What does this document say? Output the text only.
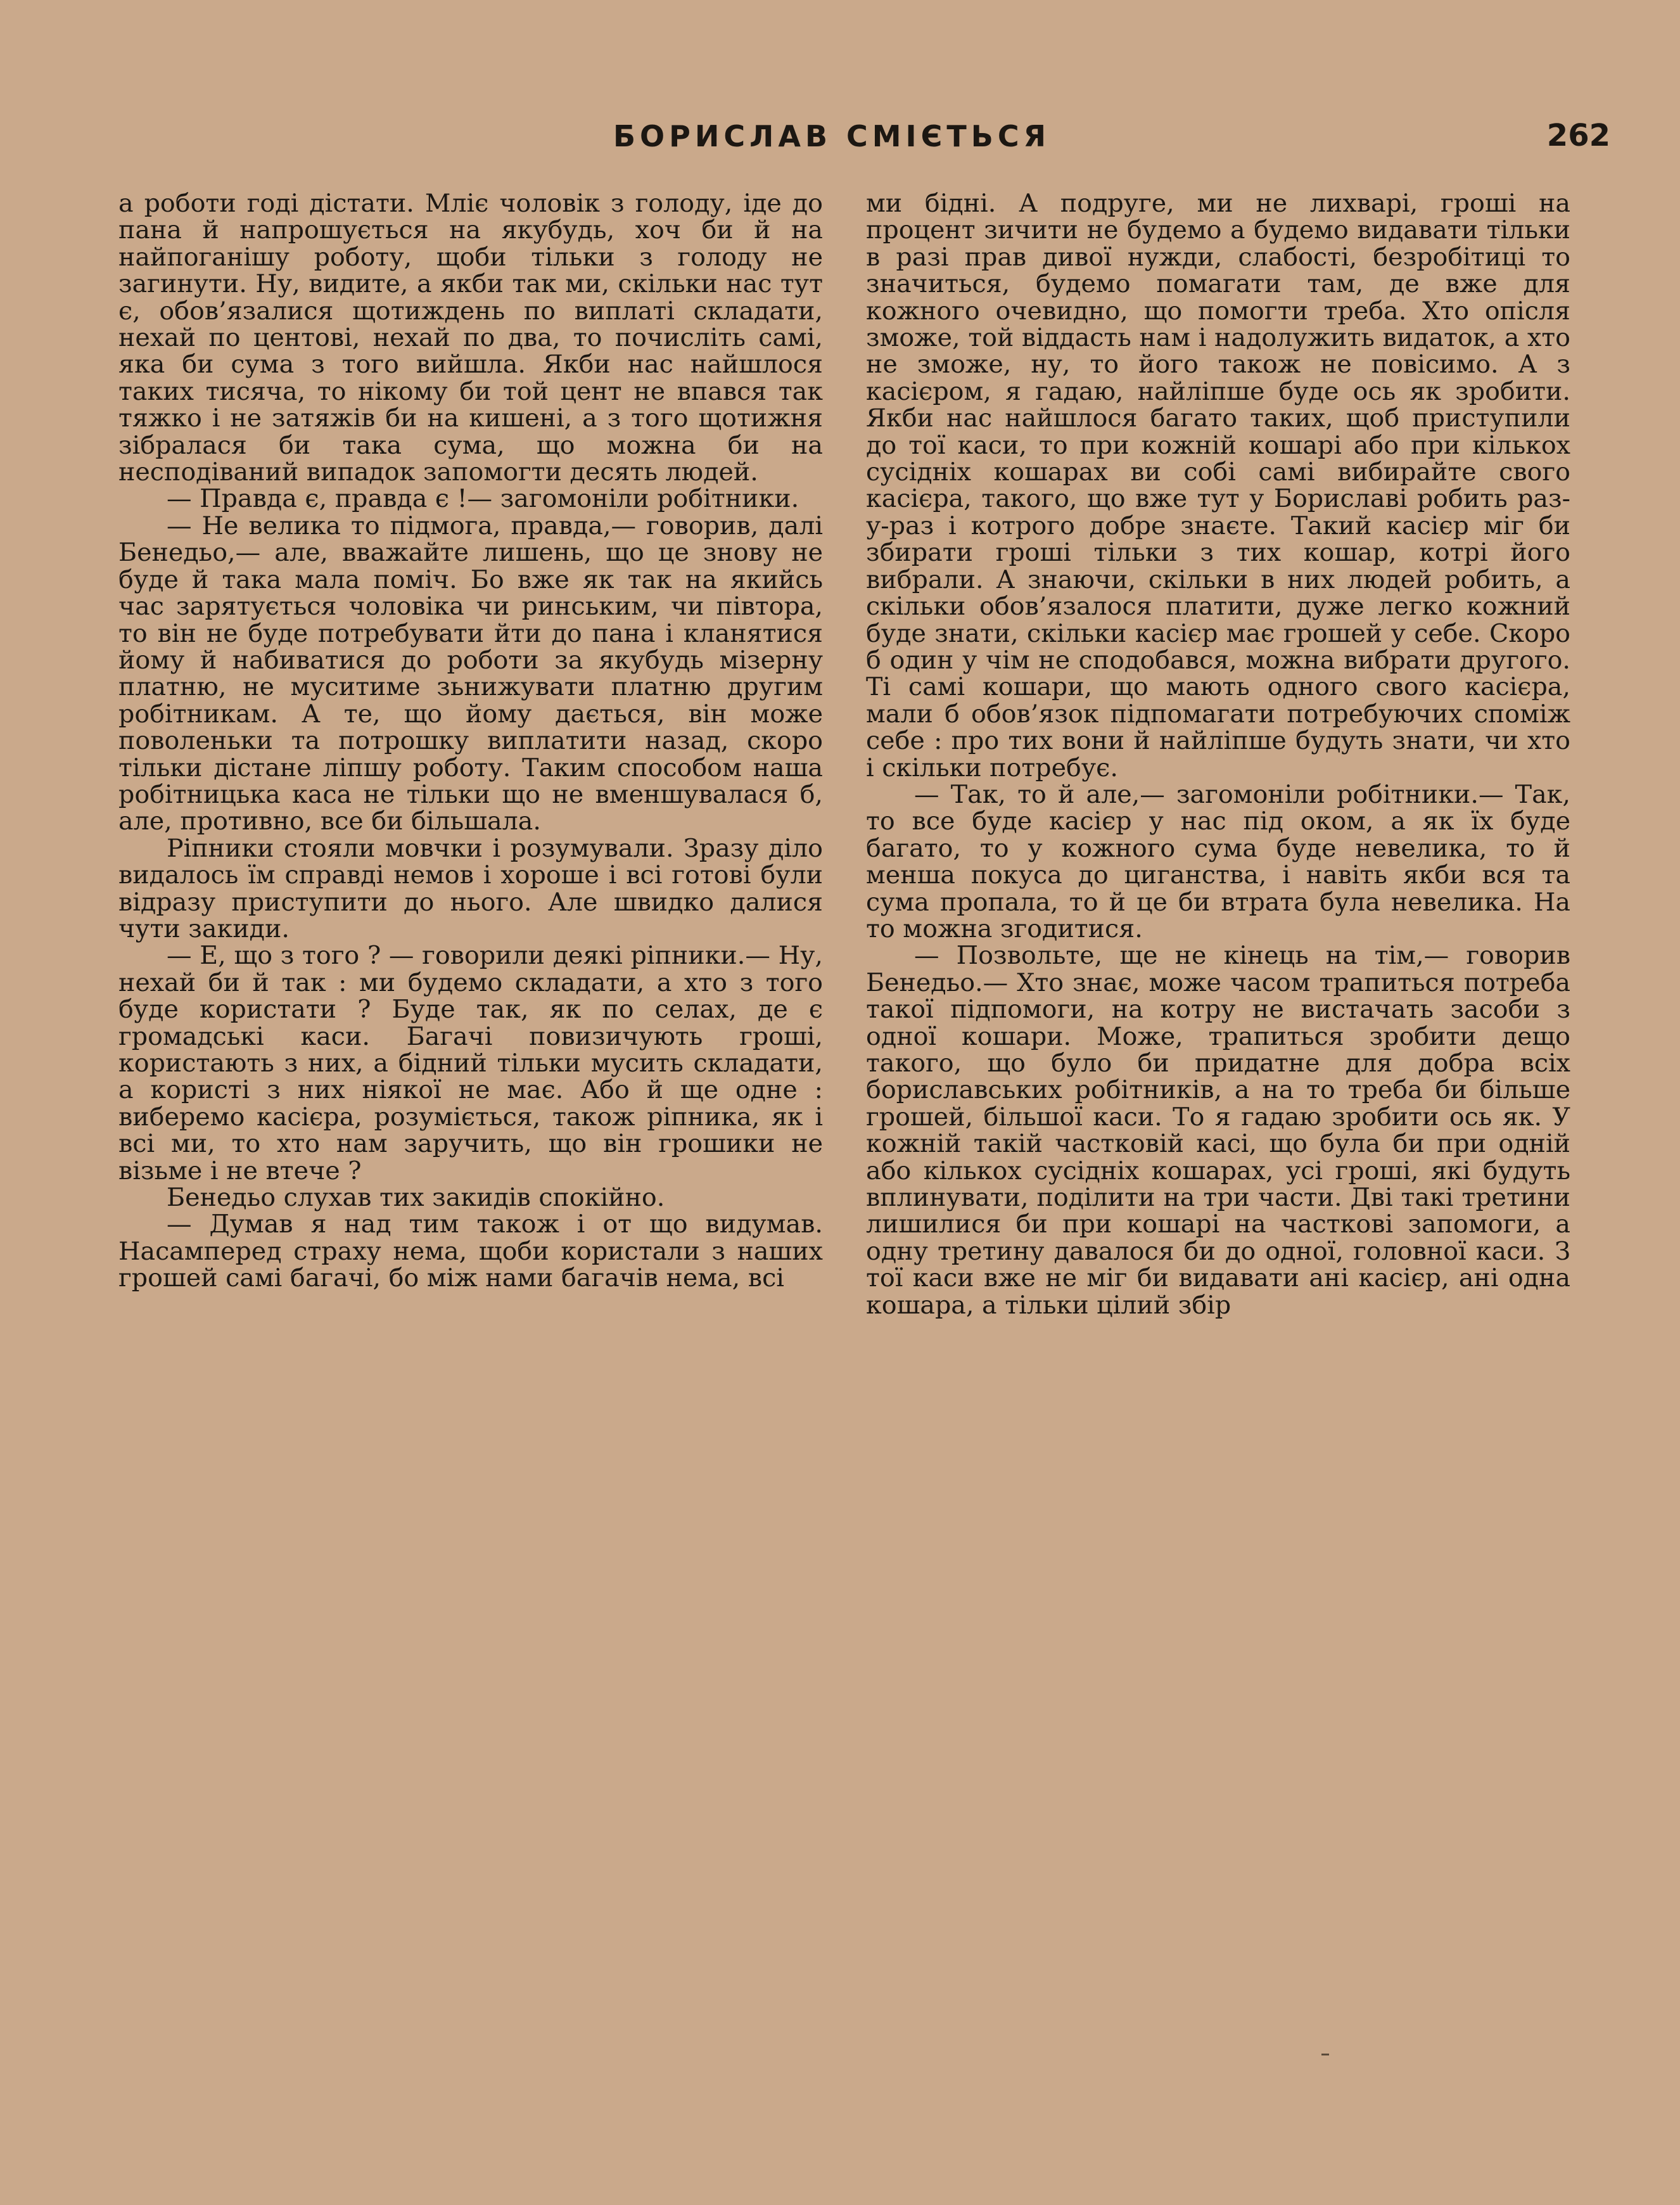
БОРИСЛАВ СМІЄТЬСЯ	262

а роботи годі дістати. Мліє чоловік з голоду, іде до пана й напрошується на якубудь, хоч би й на найпоганішу роботу, щоби тільки з голоду не загинути. Ну, видите, а якби так ми, скільки нас тут є, обов’язалися щотиждень по виплаті складати, нехай по центові, нехай по два, то почисліть самі, яка би сума з того вийшла. Якби нас найшлося таких тисяча, то нікому би той цент не впався так тяжко і не затяжів би на кишені, а з того щотижня зібралася би така сума, що можна би на несподіваний випадок запомогти десять людей.

— Правда є, правда є !— загомоніли робітники.

— Не велика то підмога, правда,— говорив, далі Бенедьо,— але, вважайте лишень, що це знову не буде й така мала поміч. Бо вже як так на якийсь час зарятується чоловіка чи ринським, чи півтора, то він не буде потребувати йти до пана і кланятися йому й набиватися до роботи за якубудь мізерну платню, не муситиме зьнижувати платню другим робітникам. А те, що йому дається, він може поволеньки та потрошку виплатити назад, скоро тільки дістане ліпшу роботу. Таким способом наша робітницька каса не тільки що не вменшувалася б, але, противно, все би більшала.

Ріпники стояли мовчки і розумували. Зразу діло видалось їм справді немов і хороше і всі готові були відразу приступити до нього. Але швидко далися чути закиди.

— Е, що з того ? — говорили деякі ріпники.— Ну, нехай би й так : ми будемо складати, а хто з того буде користати ? Буде так, як по селах, де є громадські каси. Багачі повизичують гроші, користають з них, а бідний тільки мусить складати, а користі з них ніякої не має. Або й ще одне : виберемо касієра, розуміється, також ріпника, як і всі ми, то хто нам заручить, що він грошики не візьме і не втече ?

Бенедьо слухав тих закидів спокійно.

— Думав я над тим також і от що видумав. Насамперед страху нема, щоби користали з наших грошей самі багачі, бо між нами багачів нема, всі

ми бідні. А подруге, ми не лихварі, гроші на процент зичити не будемо а будемо видавати тільки в разі прав дивої нужди, слабості, безробітиці то значиться, будемо помагати там, де вже для кожного очевидно, що помогти треба. Хто опісля зможе, той віддасть нам і надолужить видаток, а хто не зможе, ну, то його також не повісимо. А з касієром, я гадаю, найліпше буде ось як зробити. Якби нас найшлося багато таких, щоб приступили до тої каси, то при кожній кошарі або при кількох сусідніх кошарах ви собі самі вибирайте свого касієра, такого, що вже тут у Бориславі робить раз-у-раз і котрого добре знаєте. Такий касієр міг би збирати гроші тільки з тих кошар, котрі його вибрали. А знаючи, скільки в них людей робить, а скільки обов’язалося платити, дуже легко кожний буде знати, скільки касієр має грошей у себе. Скоро б один у чім не сподобався, можна вибрати другого. Ті самі кошари, що мають одного свого касієра, мали б обов’язок підпомагати потребуючих споміж себе : про тих вони й найліпше будуть знати, чи хто і скільки потребує.

— Так, то й але,— загомоніли робітники.— Так, то все буде касієр у нас під оком, а як їх буде багато, то у кожного сума буде невелика, то й менша покуса до циганства, і навіть якби вся та сума пропала, то й це би втрата була невелика. На то можна згодитися.

— Позвольте, ще не кінець на тім,— говорив Бенедьо.— Хто знає, може часом трапиться потреба такої підпомоги, на котру не вистачать засоби з одної кошари. Може, трапиться зробити дещо такого, що було би придатне для добра всіх бориславських робітників, а на то треба би більше грошей, більшої каси. То я гадаю зробити ось як. У кожній такій частковій касі, що була би при одній або кількох сусідніх кошарах, усі гроші, які будуть вплинувати, поділити на три части. Дві такі третини лишилися би при кошарі на часткові запомоги, а одну третину давалося би до одної, головної каси. З тої каси вже не міг би видавати ані касієр, ані одна кошара, а тільки цілий збір
